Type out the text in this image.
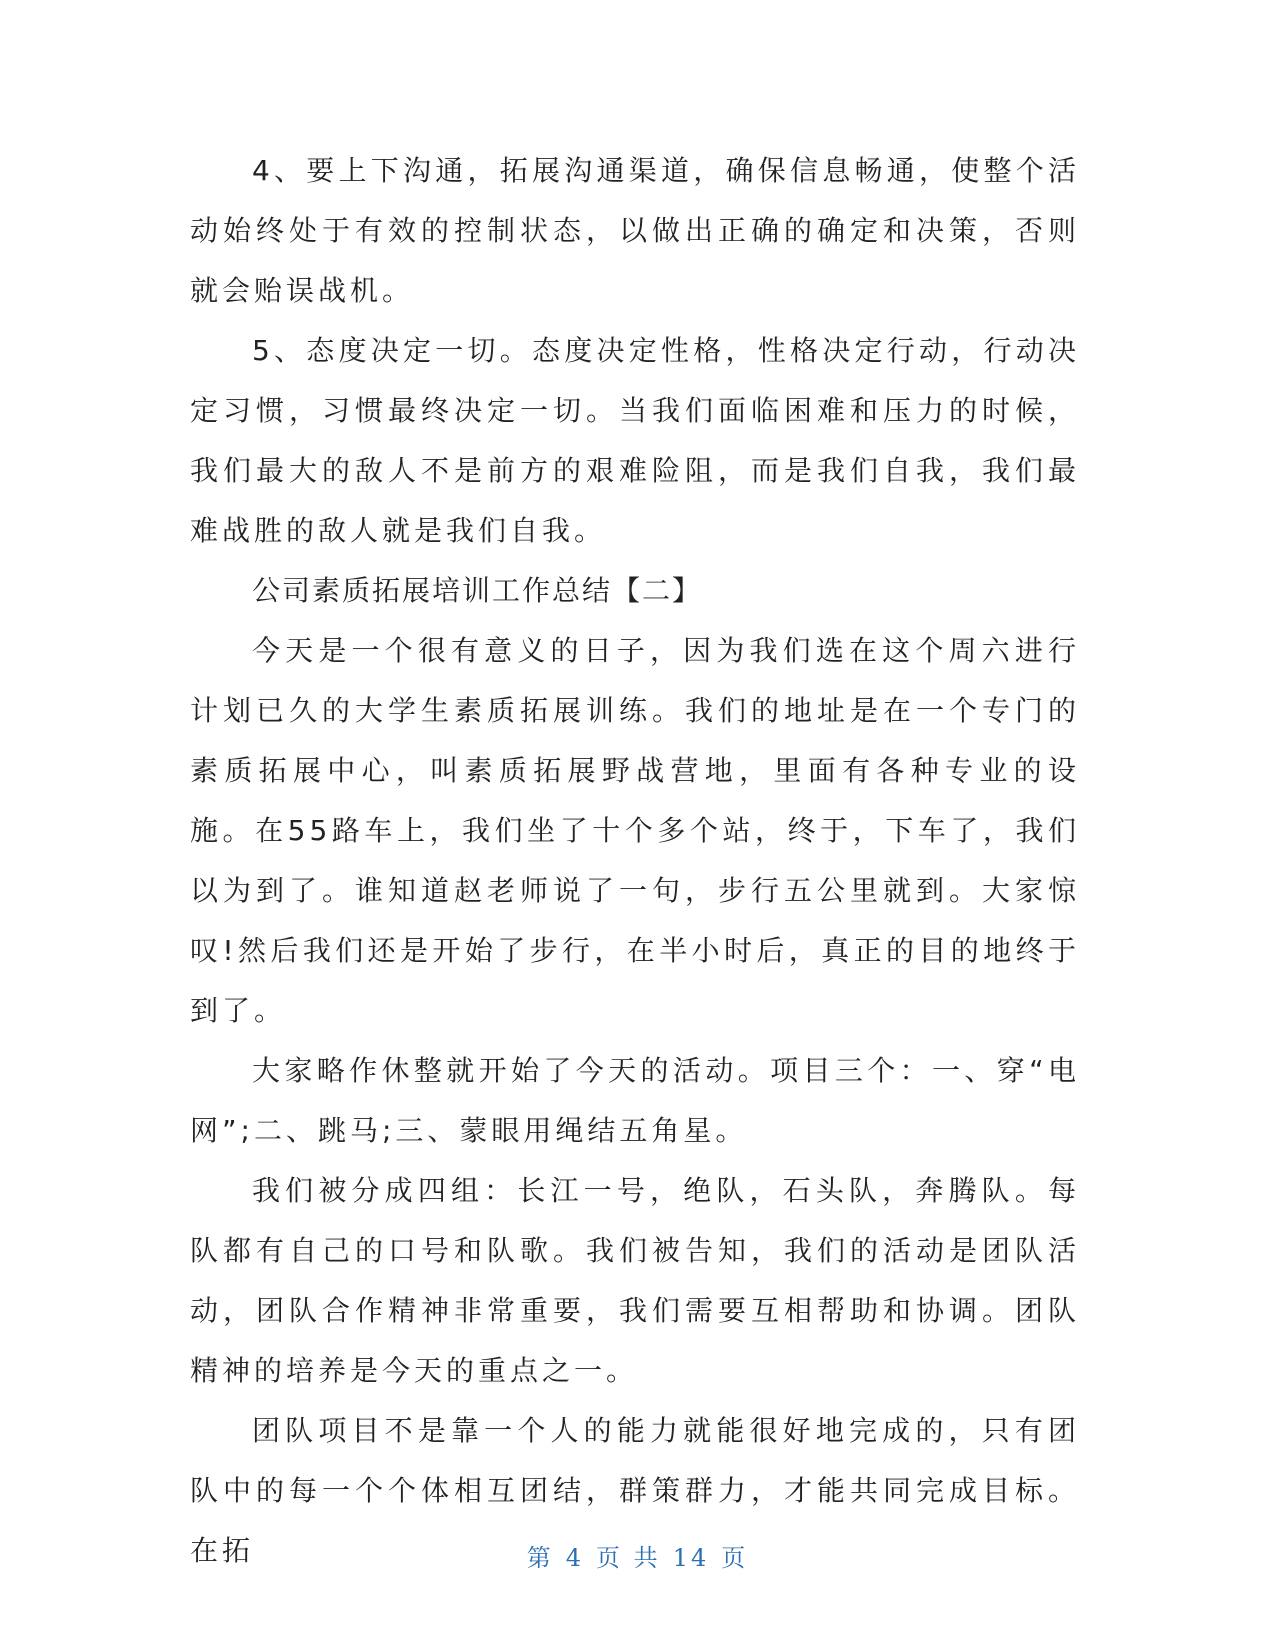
4、要上下沟通，拓展沟通渠道，确保信息畅通，使整个活动始终处于有效的控制状态，以做出正确的确定和决策，否则就会贻误战机。

5、态度决定一切。态度决定性格，性格决定行动，行动决定习惯，习惯最终决定一切。当我们面临困难和压力的时候，我们最大的敌人不是前方的艰难险阻，而是我们自我，我们最难战胜的敌人就是我们自我。

公司素质拓展培训工作总结【二】

今天是一个很有意义的日子，因为我们选在这个周六进行计划已久的大学生素质拓展训练。我们的地址是在一个专门的素质拓展中心，叫素质拓展野战营地，里面有各种专业的设施。在55路车上，我们坐了十个多个站，终于，下车了，我们以为到了。谁知道赵老师说了一句，步行五公里就到。大家惊叹!然后我们还是开始了步行，在半小时后，真正的目的地终于到了。

大家略作休整就开始了今天的活动。项目三个：一、穿“电网”;二、跳马;三、蒙眼用绳结五角星。

我们被分成四组：长江一号，绝队，石头队，奔腾队。每队都有自己的口号和队歌。我们被告知，我们的活动是团队活动，团队合作精神非常重要，我们需要互相帮助和协调。团队精神的培养是今天的重点之一。

团队项目不是靠一个人的能力就能很好地完成的，只有团队中的每一个个体相互团结，群策群力，才能共同完成目标。在拓	第 4 页 共 14 页
